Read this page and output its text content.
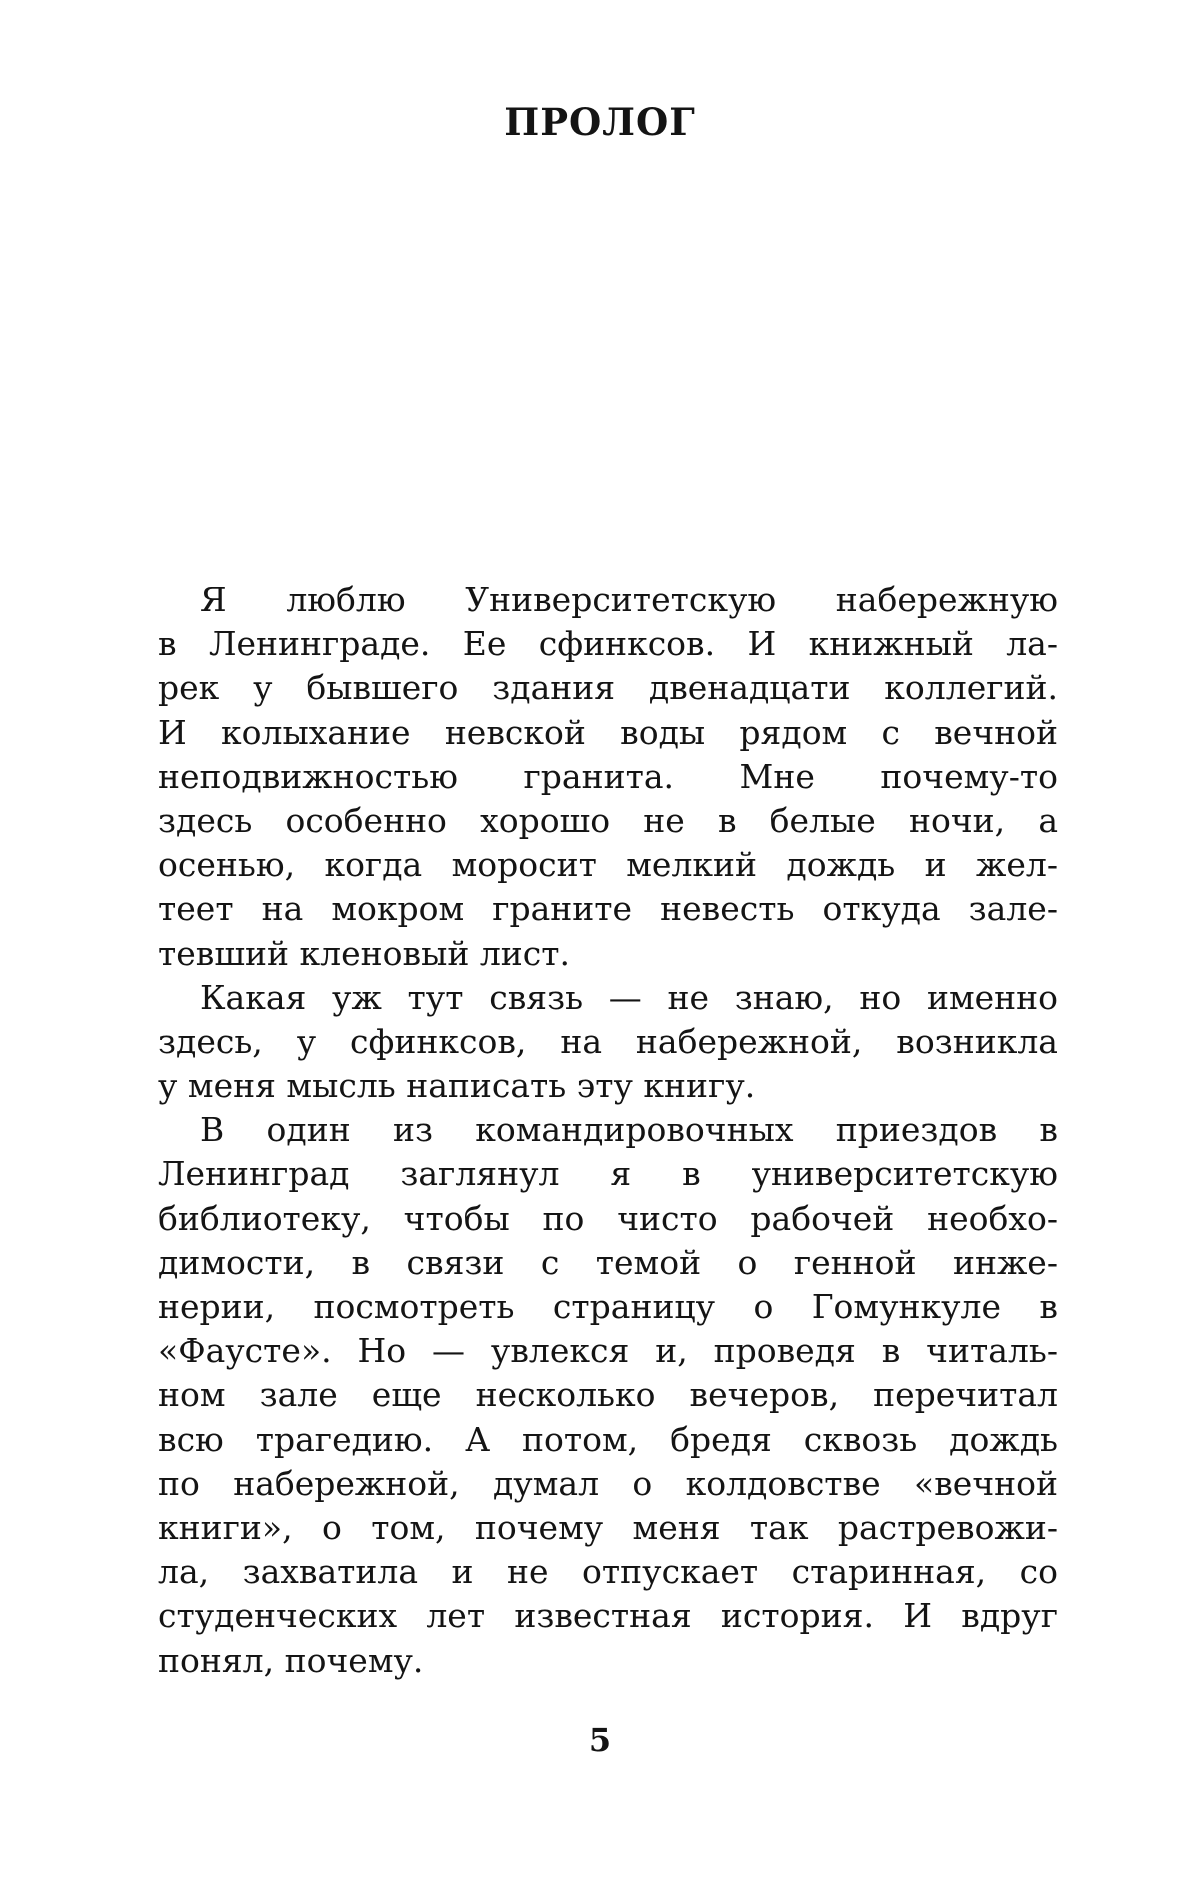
ПРОЛОГ
Я люблю Университетскую набережную
в Ленинграде. Ее сфинксов. И книжный ла-
рек у бывшего здания двенадцати коллегий.
И колыхание невской воды рядом с вечной
неподвижностью гранита. Мне почему-то
здесь особенно хорошо не в белые ночи, а
осенью, когда моросит мелкий дождь и жел-
теет на мокром граните невесть откуда зале-
тевший кленовый лист.
Какая уж тут связь — не знаю, но именно
здесь, у сфинксов, на набережной, возникла
у меня мысль написать эту книгу.
В один из командировочных приездов в
Ленинград заглянул я в университетскую
библиотеку, чтобы по чисто рабочей необхо-
димости, в связи с темой о генной инже-
нерии, посмотреть страницу о Гомункуле в
«Фаусте». Но — увлекся и, проведя в читаль-
ном зале еще несколько вечеров, перечитал
всю трагедию. А потом, бредя сквозь дождь
по набережной, думал о колдовстве «вечной
книги», о том, почему меня так растревожи-
ла, захватила и не отпускает старинная, со
студенческих лет известная история. И вдруг
понял, почему.
5
